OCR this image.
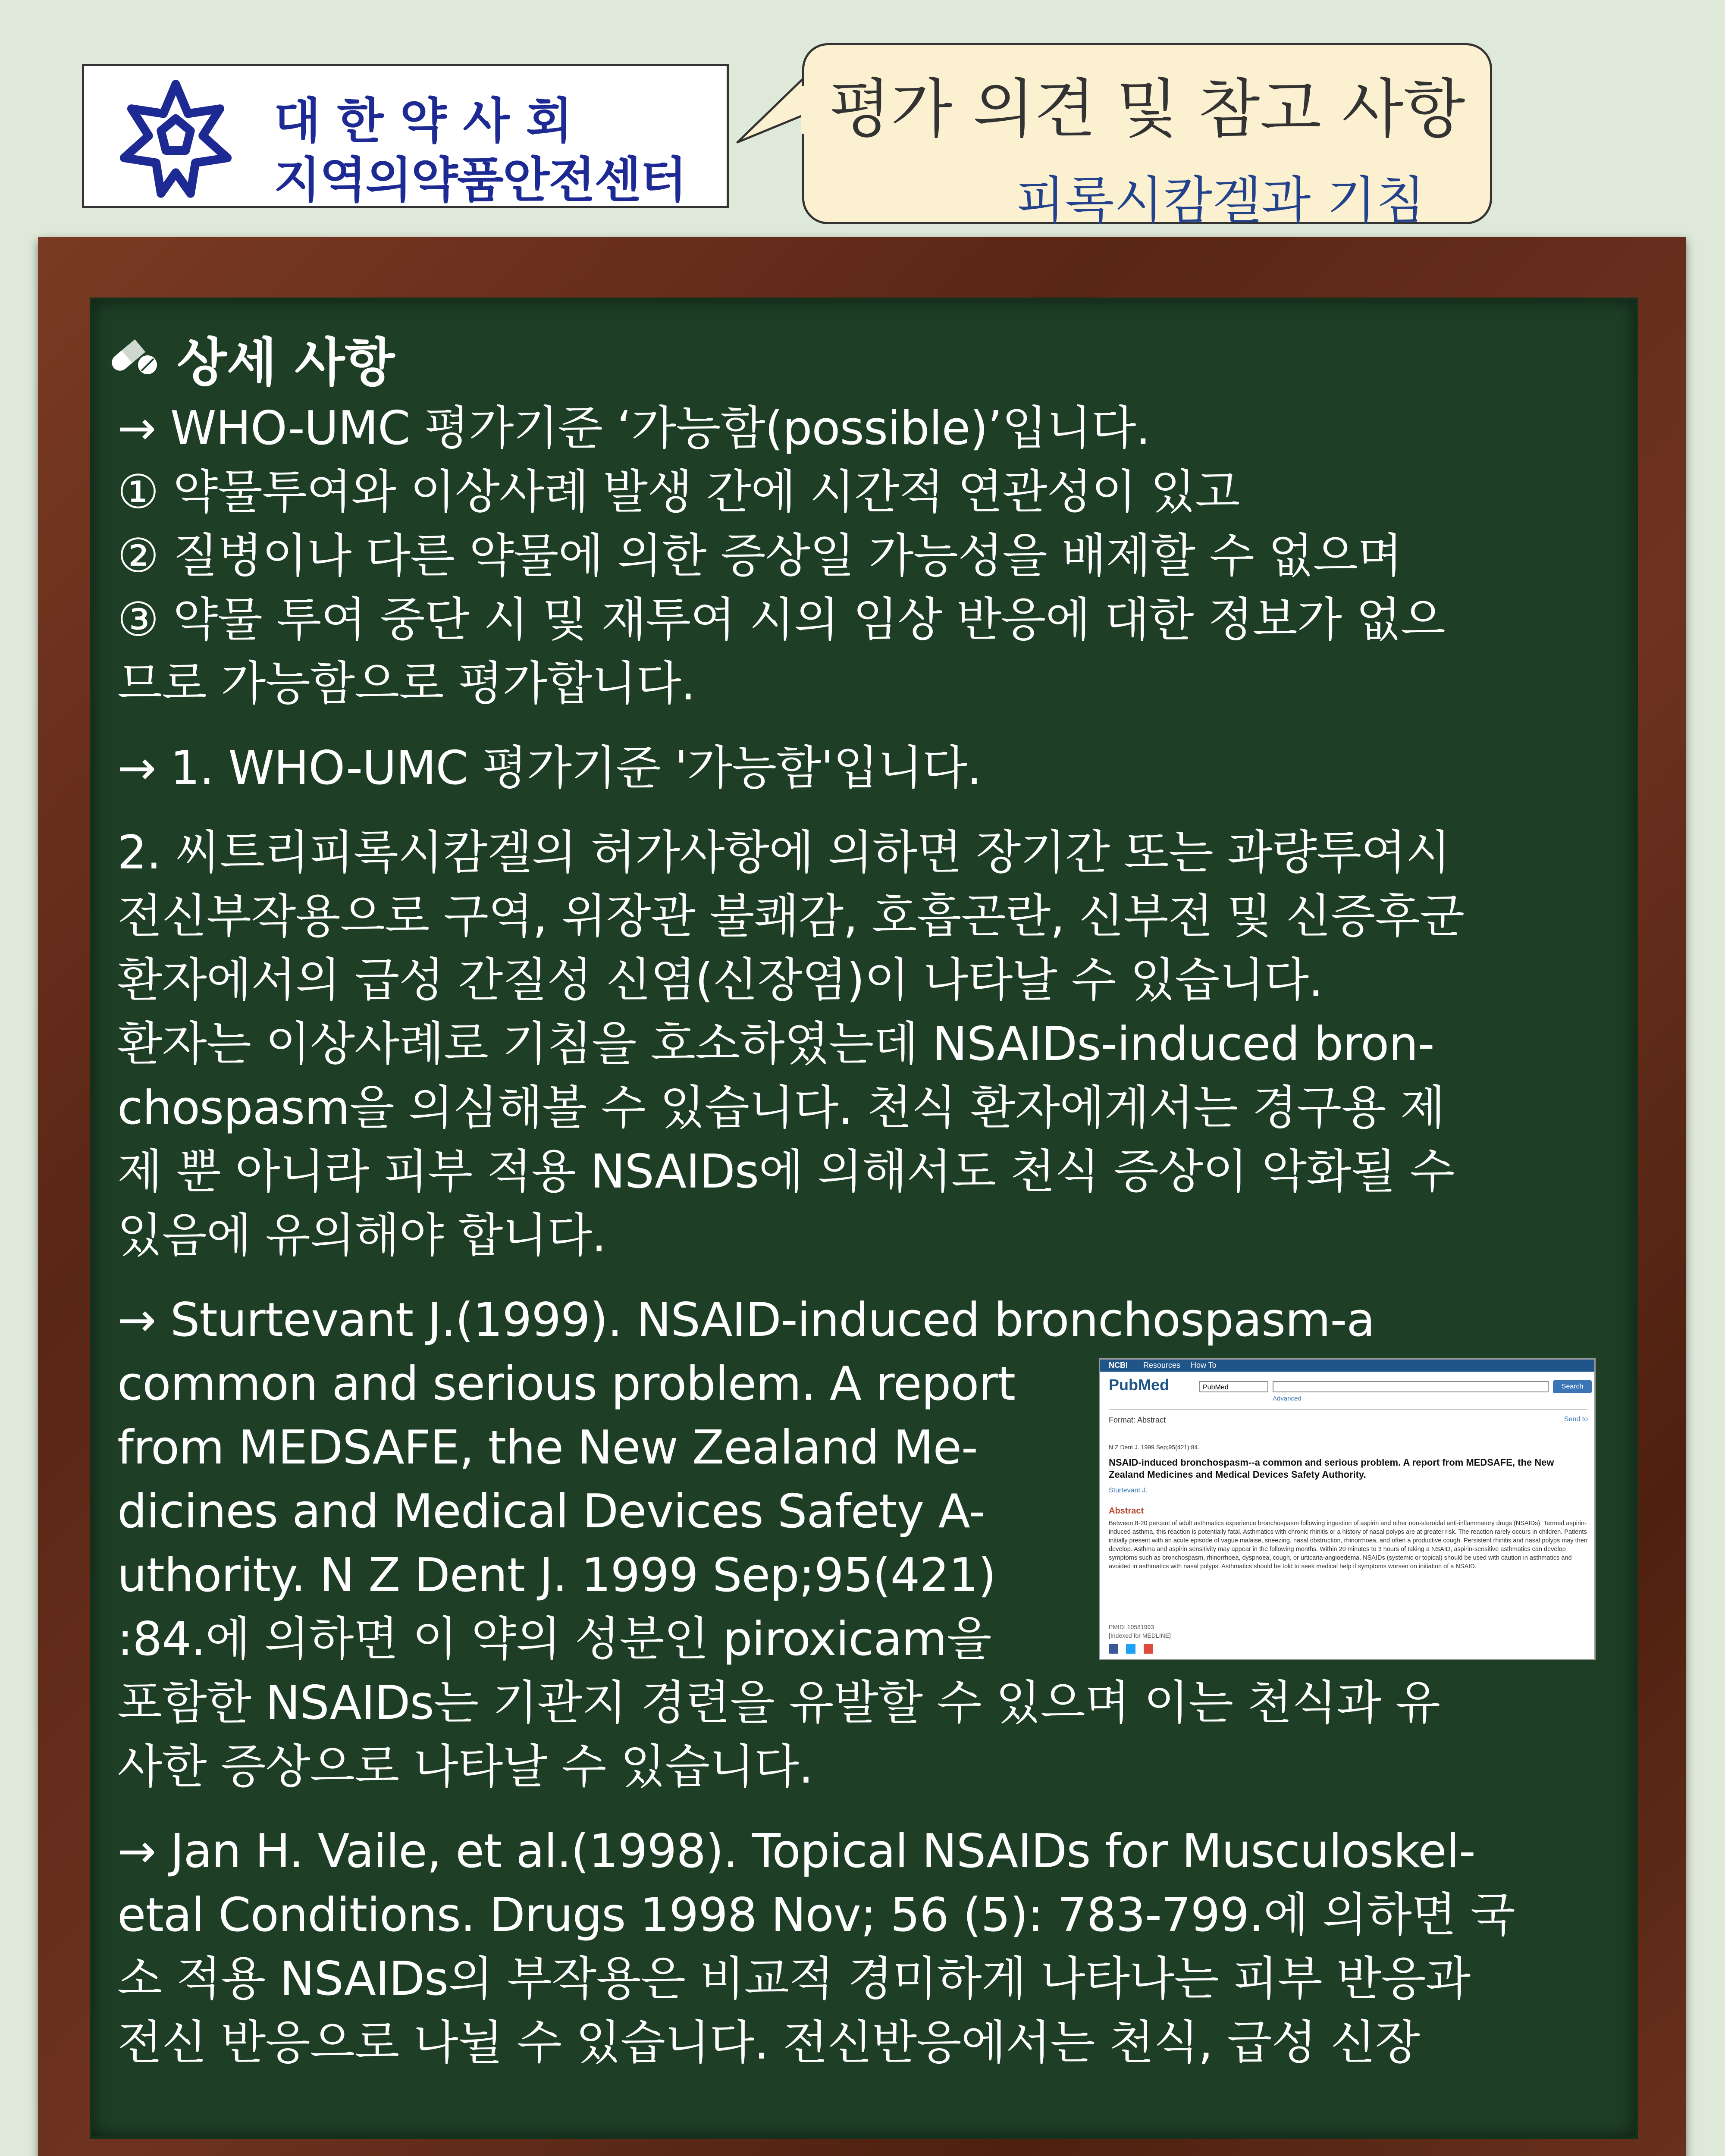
대한약사회
지역의약품안전센터
평가 의견 및 참고 사항
피록시캄겔과 기침
상세 사항
→ WHO-UMC 평가기준 ‘가능함(possible)’입니다.
① 약물투여와 이상사례 발생 간에 시간적 연관성이 있고
② 질병이나 다른 약물에 의한 증상일 가능성을 배제할 수 없으며
③ 약물 투여 중단 시 및 재투여 시의 임상 반응에 대한 정보가 없으
므로 가능함으로 평가합니다.
→ 1. WHO-UMC 평가기준 '가능함'입니다.
2. 씨트리피록시캄겔의 허가사항에 의하면 장기간 또는 과량투여시
전신부작용으로 구역, 위장관 불쾌감, 호흡곤란, 신부전 및 신증후군
환자에서의 급성 간질성 신염(신장염)이 나타날 수 있습니다.
환자는 이상사례로 기침을 호소하였는데 NSAIDs-induced bron-
chospasm을 의심해볼 수 있습니다. 천식 환자에게서는 경구용 제
제 뿐 아니라 피부 적용 NSAIDs에 의해서도 천식 증상이 악화될 수
있음에 유의해야 합니다.
→ Sturtevant J.(1999). NSAID-induced bronchospasm-a
common and serious problem. A report
from MEDSAFE, the New Zealand Me-
dicines and Medical Devices Safety A-
uthority. N Z Dent J. 1999 Sep;95(421)
:84.에 의하면 이 약의 성분인 piroxicam을
포함한 NSAIDs는 기관지 경련을 유발할 수 있으며 이는 천식과 유
사한 증상으로 나타날 수 있습니다.
→ Jan H. Vaile, et al.(1998). Topical NSAIDs for Musculoskel-
etal Conditions. Drugs 1998 Nov; 56 (5): 783-799.에 의하면 국
소 적용 NSAIDs의 부작용은 비교적 경미하게 나타나는 피부 반응과
전신 반응으로 나뉠 수 있습니다. 전신반응에서는 천식, 급성 신장
NCBI Resources How To
PubMed	PubMed	Search
Advanced
Format: Abstract	Send to
N Z Dent J. 1999 Sep;95(421):84.
NSAID-induced bronchospasm--a common and serious problem. A report from MEDSAFE, the New Zealand Medicines and Medical Devices Safety Authority.
Sturtevant J.
Abstract
Between 8-20 percent of adult asthmatics experience bronchospasm following ingestion of aspirin and other non-steroidal anti-inflammatory drugs (NSAIDs). Termed aspirin-induced asthma, this reaction is potentially fatal. Asthmatics with chronic rhinitis or a history of nasal polyps are at greater risk. The reaction rarely occurs in children. Patients initially present with an acute episode of vague malaise, sneezing, nasal obstruction, rhinorrhoea, and often a productive cough. Persistent rhinitis and nasal polyps may then develop. Asthma and aspirin sensitivity may appear in the following months. Within 20 minutes to 3 hours of taking a NSAID, aspirin-sensitive asthmatics can develop symptoms such as bronchospasm, rhinorrhoea, dyspnoea, cough, or urticaria-angioedema. NSAIDs (systemic or topical) should be used with caution in asthmatics and avoided in asthmatics with nasal polyps. Asthmatics should be told to seek medical help if symptoms worsen on initiation of a NSAID.
PMID: 10581993
[Indexed for MEDLINE]
